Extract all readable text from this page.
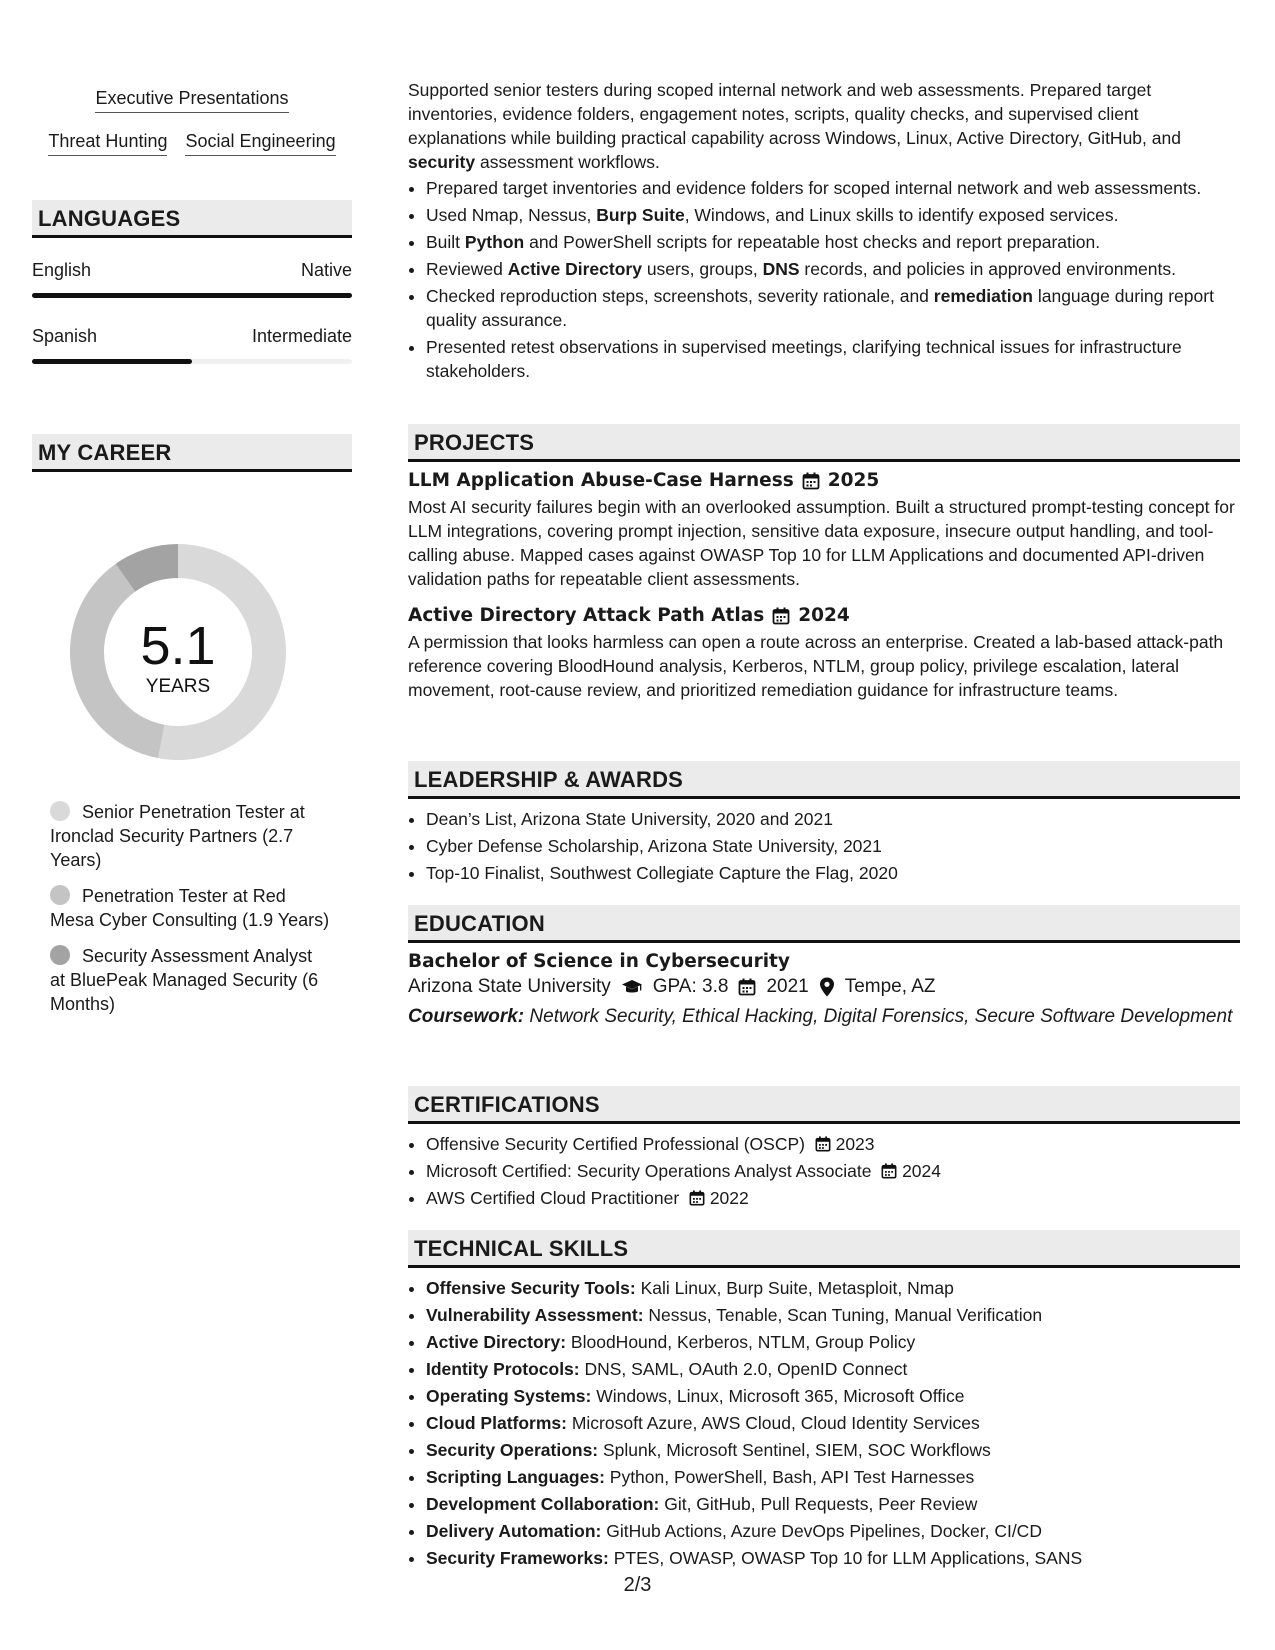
Executive Presentations
Threat Hunting Social Engineering
LANGUAGES
English	Native
Spanish	Intermediate
MY CAREER
5.1
YEARS
Senior Penetration Tester at Ironclad Security Partners (2.7 Years)
Penetration Tester at Red Mesa Cyber Consulting (1.9 Years)
Security Assessment Analyst at BluePeak Managed Security (6 Months)

Supported senior testers during scoped internal network and web assessments. Prepared target inventories, evidence folders, engagement notes, scripts, quality checks, and supervised client explanations while building practical capability across Windows, Linux, Active Directory, GitHub, and security assessment workflows.

• Prepared target inventories and evidence folders for scoped internal network and web assessments.
• Used Nmap, Nessus, Burp Suite, Windows, and Linux skills to identify exposed services.
• Built Python and PowerShell scripts for repeatable host checks and report preparation.
• Reviewed Active Directory users, groups, DNS records, and policies in approved environments.
• Checked reproduction steps, screenshots, severity rationale, and remediation language during report quality assurance.
• Presented retest observations in supervised meetings, clarifying technical issues for infrastructure stakeholders.
PROJECTS
LLM Application Abuse-Case Harness 2025

Most AI security failures begin with an overlooked assumption. Built a structured prompt-testing concept for LLM integrations, covering prompt injection, sensitive data exposure, insecure output handling, and tool-calling abuse. Mapped cases against OWASP Top 10 for LLM Applications and documented API-driven validation paths for repeatable client assessments.

Active Directory Attack Path Atlas 2024

A permission that looks harmless can open a route across an enterprise. Created a lab-based attack-path reference covering BloodHound analysis, Kerberos, NTLM, group policy, privilege escalation, lateral movement, root-cause review, and prioritized remediation guidance for infrastructure teams.

LEADERSHIP & AWARDS
• Dean’s List, Arizona State University, 2020 and 2021
• Cyber Defense Scholarship, Arizona State University, 2021
• Top-10 Finalist, Southwest Collegiate Capture the Flag, 2020
EDUCATION
Bachelor of Science in Cybersecurity
Arizona State University GPA: 3.8 2021 Tempe, AZ
Coursework: Network Security, Ethical Hacking, Digital Forensics, Secure Software Development
CERTIFICATIONS
• Offensive Security Certified Professional (OSCP) 2023
• Microsoft Certified: Security Operations Analyst Associate 2024
• AWS Certified Cloud Practitioner 2022
TECHNICAL SKILLS
• Offensive Security Tools: Kali Linux, Burp Suite, Metasploit, Nmap
• Vulnerability Assessment: Nessus, Tenable, Scan Tuning, Manual Verification
• Active Directory: BloodHound, Kerberos, NTLM, Group Policy
• Identity Protocols: DNS, SAML, OAuth 2.0, OpenID Connect
• Operating Systems: Windows, Linux, Microsoft 365, Microsoft Office
• Cloud Platforms: Microsoft Azure, AWS Cloud, Cloud Identity Services
• Security Operations: Splunk, Microsoft Sentinel, SIEM, SOC Workflows
• Scripting Languages: Python, PowerShell, Bash, API Test Harnesses
• Development Collaboration: Git, GitHub, Pull Requests, Peer Review
• Delivery Automation: GitHub Actions, Azure DevOps Pipelines, Docker, CI/CD
• Security Frameworks: PTES, OWASP, OWASP Top 10 for LLM Applications, SANS
2/3
